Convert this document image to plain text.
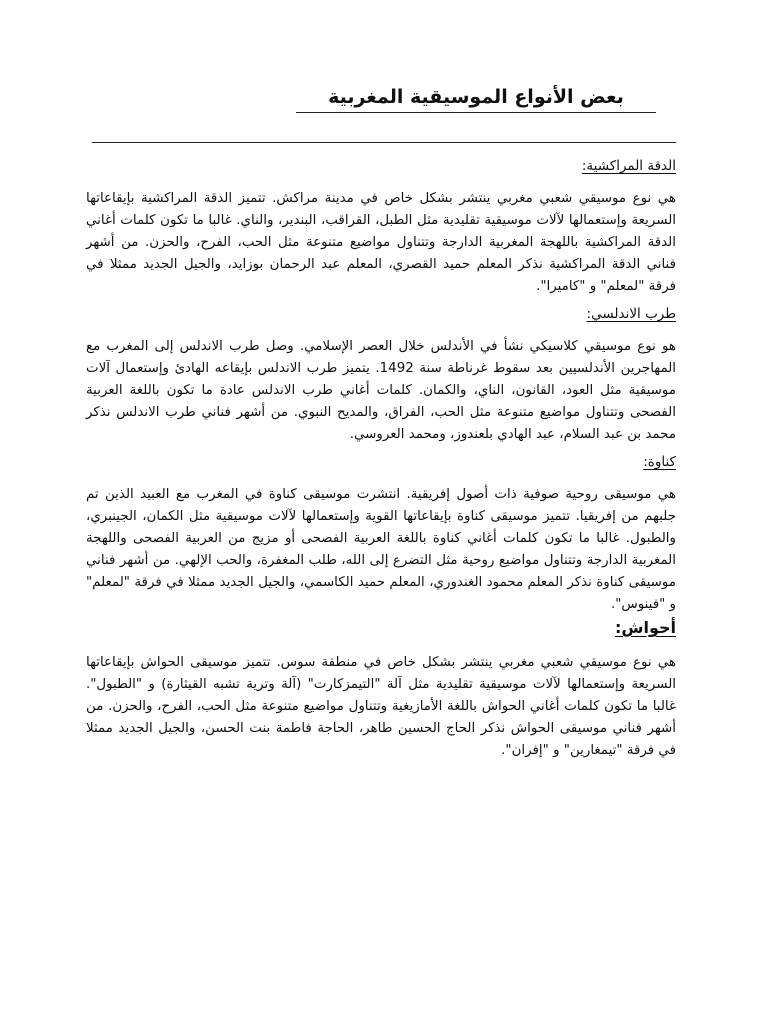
بعض الأنواع الموسيقية المغربية
الدقة المراكشية:
هي نوع موسيقي شعبي مغربي ينتشر بشكل خاص في مدينة مراكش. تتميز الدقة المراكشية بإيقاعاتها السريعة وإستعمالها لآلات موسيقية تقليدية مثل الطبل، القراقب، البندير، والناي. غالبا ما تكون كلمات أغاني الدقة المراكشية باللهجة المغربية الدارجة وتتناول مواضيع متنوعة مثل الحب، الفرح، والحزن. من أشهر فناني الدقة المراكشية نذكر المعلم حميد القصري، المعلم عبد الرحمان بوزايد، والجيل الجديد ممثلا في فرقة "لمعلم" و "كاميرا".
طرب الاندلسي:
هو نوع موسيقي كلاسيكي نشأ في الأندلس خلال العصر الإسلامي. وصل طرب الاندلس إلى المغرب مع المهاجرين الأندلسيين بعد سقوط غرناطة سنة 1492. يتميز طرب الاندلس بإيقاعه الهادئ وإستعمال آلات موسيقية مثل العود، القانون، الناي، والكمان. كلمات أغاني طرب الاندلس عادة ما تكون باللغة العربية الفصحى وتتناول مواضيع متنوعة مثل الحب، الفراق، والمديح النبوي. من أشهر فناني طرب الاندلس نذكر محمد بن عبد السلام، عبد الهادي بلعندوز، ومحمد العروسي.
كناوة:
هي موسيقى روحية صوفية ذات أصول إفريقية. انتشرت موسيقى كناوة في المغرب مع العبيد الذين تم جلبهم من إفريقيا. تتميز موسيقى كناوة بإيقاعاتها القوية وإستعمالها لآلات موسيقية مثل الكمان، الجينبري، والطبول. غالبا ما تكون كلمات أغاني كناوة باللغة العربية الفصحى أو مزيج من العربية الفصحى واللهجة المغربية الدارجة وتتناول مواضيع روحية مثل التضرع إلى الله، طلب المغفرة، والحب الإلهي. من أشهر فناني موسيقى كناوة نذكر المعلم محمود الغندوري، المعلم حميد الكاسمي، والجيل الجديد ممثلا في فرقة "لمعلم" و "فينوس".
أحواش:
هي نوع موسيقي شعبي مغربي ينتشر بشكل خاص في منطقة سوس. تتميز موسيقى الحواش بإيقاعاتها السريعة وإستعمالها لآلات موسيقية تقليدية مثل آلة "التيمزكارت" (آلة وترية تشبه القيثارة) و "الطبول". غالبا ما تكون كلمات أغاني الحواش باللغة الأمازيغية وتتناول مواضيع متنوعة مثل الحب، الفرح، والحزن. من أشهر فناني موسيقى الحواش نذكر الحاج الحسين طاهر، الحاجة فاطمة بنت الحسن، والجيل الجديد ممثلا في فرقة "تيمغارين" و "إفران".
